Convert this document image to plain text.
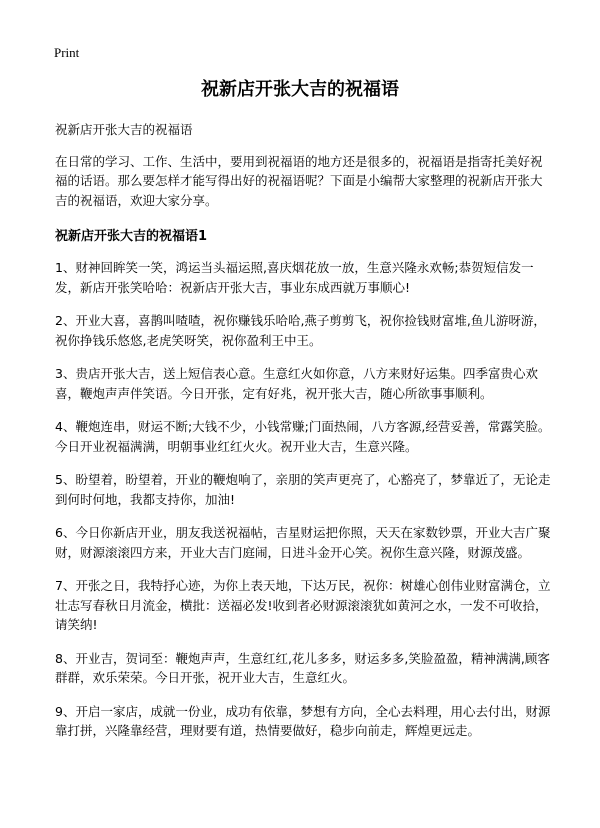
Print
祝新店开张大吉的祝福语

祝新店开张大吉的祝福语

在日常的学习、工作、生活中，要用到祝福语的地方还是很多的，祝福语是指寄托美好祝福的话语。那么要怎样才能写得出好的祝福语呢？下面是小编帮大家整理的祝新店开张大吉的祝福语，欢迎大家分享。

祝新店开张大吉的祝福语1

1、财神回眸笑一笑，鸿运当头福运照,喜庆烟花放一放，生意兴隆永欢畅;恭贺短信发一发，新店开张笑哈哈：祝新店开张大吉，事业东成西就万事顺心!

2、开业大喜，喜鹊叫喳喳，祝你赚钱乐哈哈,燕子剪剪飞，祝你捡钱财富堆,鱼儿游呀游，祝你挣钱乐悠悠,老虎笑呀笑，祝你盈利王中王。

3、贵店开张大吉，送上短信表心意。生意红火如你意，八方来财好运集。四季富贵心欢喜，鞭炮声声伴笑语。今日开张，定有好兆，祝开张大吉，随心所欲事事顺利。

4、鞭炮连串，财运不断;大钱不少，小钱常赚;门面热闹，八方客源,经营妥善，常露笑脸。今日开业祝福满满，明朝事业红红火火。祝开业大吉，生意兴隆。

5、盼望着，盼望着，开业的鞭炮响了，亲朋的笑声更亮了，心豁亮了，梦靠近了，无论走到何时何地，我都支持你，加油!

6、今日你新店开业，朋友我送祝福帖，吉星财运把你照，天天在家数钞票，开业大吉广聚财，财源滚滚四方来，开业大吉门庭闹，日进斗金开心笑。祝你生意兴隆，财源茂盛。

7、开张之日，我特抒心迹，为你上表天地，下达万民，祝你：树雄心创伟业财富满仓，立壮志写春秋日月流金，横批：送福必发!收到者必财源滚滚犹如黄河之水，一发不可收拾，请笑纳!

8、开业吉，贺词至：鞭炮声声，生意红红,花儿多多，财运多多,笑脸盈盈，精神满满,顾客群群，欢乐荣荣。今日开张，祝开业大吉，生意红火。

9、开启一家店，成就一份业，成功有依靠，梦想有方向，全心去料理，用心去付出，财源靠打拼，兴隆靠经营，理财要有道，热情要做好，稳步向前走，辉煌更远走。
